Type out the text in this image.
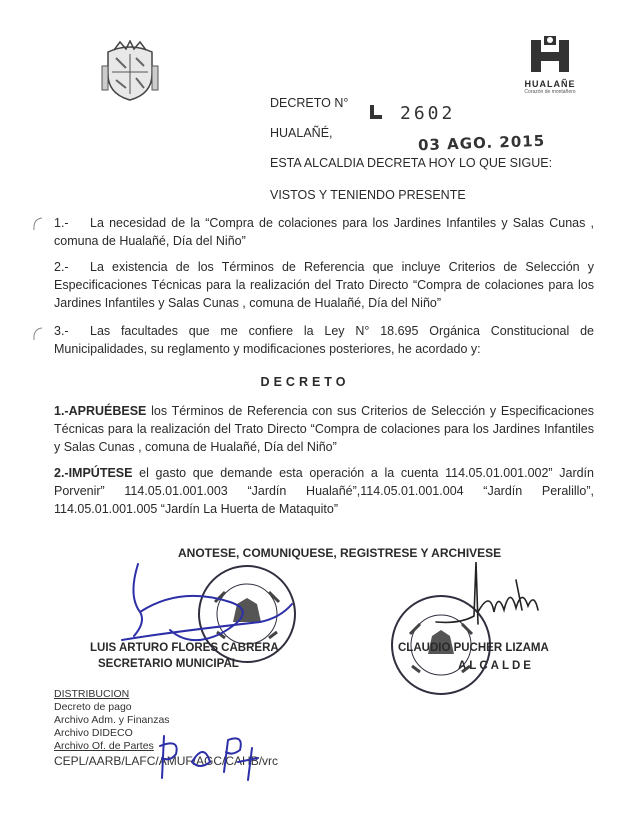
HUALAÑE
Corazón de montañero
DECRETO N°	2602
HUALAÑÉ,	03 AGO. 2015
ESTA ALCALDIA DECRETA HOY LO QUE SIGUE:
VISTOS Y TENIENDO PRESENTE
1.- La necesidad de la “Compra de colaciones para los Jardines Infantiles y Salas Cunas , comuna de Hualañé, Día del Niño”
2.- La existencia de los Términos de Referencia que incluye Criterios de Selección y Especificaciones Técnicas para la realización del Trato Directo “Compra de colaciones para los Jardines Infantiles y Salas Cunas , comuna de Hualañé, Día del Niño”
3.- Las facultades que me confiere la Ley N° 18.695 Orgánica Constitucional de Municipalidades, su reglamento y modificaciones posteriores, he acordado y:
DECRETO
1.-APRUÉBESE los Términos de Referencia con sus Criterios de Selección y Especificaciones Técnicas para la realización del Trato Directo “Compra de colaciones para los Jardines Infantiles y Salas Cunas , comuna de Hualañé, Día del Niño”
2.-IMPÚTESE el gasto que demande esta operación a la cuenta 114.05.01.001.002” Jardín Porvenir” 114.05.01.001.003 “Jardín Hualañé”,114.05.01.001.004 “Jardín Peralillo”, 114.05.01.001.005 “Jardín La Huerta de Mataquito”
ANOTESE, COMUNIQUESE, REGISTRESE Y ARCHIVESE
LUIS ARTURO FLORES CABRERA
SECRETARIO MUNICIPAL
CLAUDIO PUCHER LIZAMA
ALCALDE
DISTRIBUCION
Decreto de pago
Archivo Adm. y Finanzas
Archivo DIDECO
Archivo Of. de Partes
CEPL/AARB/LAFC/AMUF/AGC/CAHB/vrc
